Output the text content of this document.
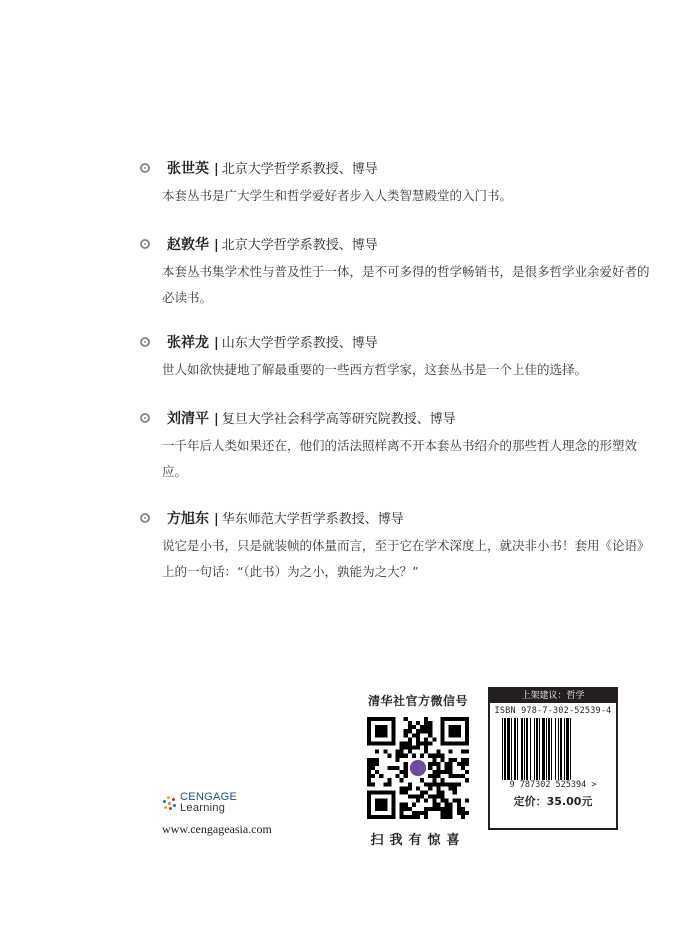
张世英 | 北京大学哲学系教授、博导
本套丛书是广大学生和哲学爱好者步入人类智慧殿堂的入门书。
赵敦华 | 北京大学哲学系教授、博导
本套丛书集学术性与普及性于一体，是不可多得的哲学畅销书，是很多哲学业余爱好者的必读书。
张祥龙 | 山东大学哲学系教授、博导
世人如欲快捷地了解最重要的一些西方哲学家，这套丛书是一个上佳的选择。
刘清平 | 复旦大学社会科学高等研究院教授、博导
一千年后人类如果还在，他们的活法照样离不开本套丛书绍介的那些哲人理念的形塑效应。
方旭东 | 华东师范大学哲学系教授、博导
说它是小书，只是就装帧的体量而言，至于它在学术深度上，就决非小书！套用《论语》上的一句话：“（此书）为之小，孰能为之大？”
CENGAGE
Learning
www.cengageasia.com
清华社官方微信号
扫我有惊喜
上架建议：哲学
ISBN 978-7-302-52539-4
9 787302 525394 >
定价：35.00元
